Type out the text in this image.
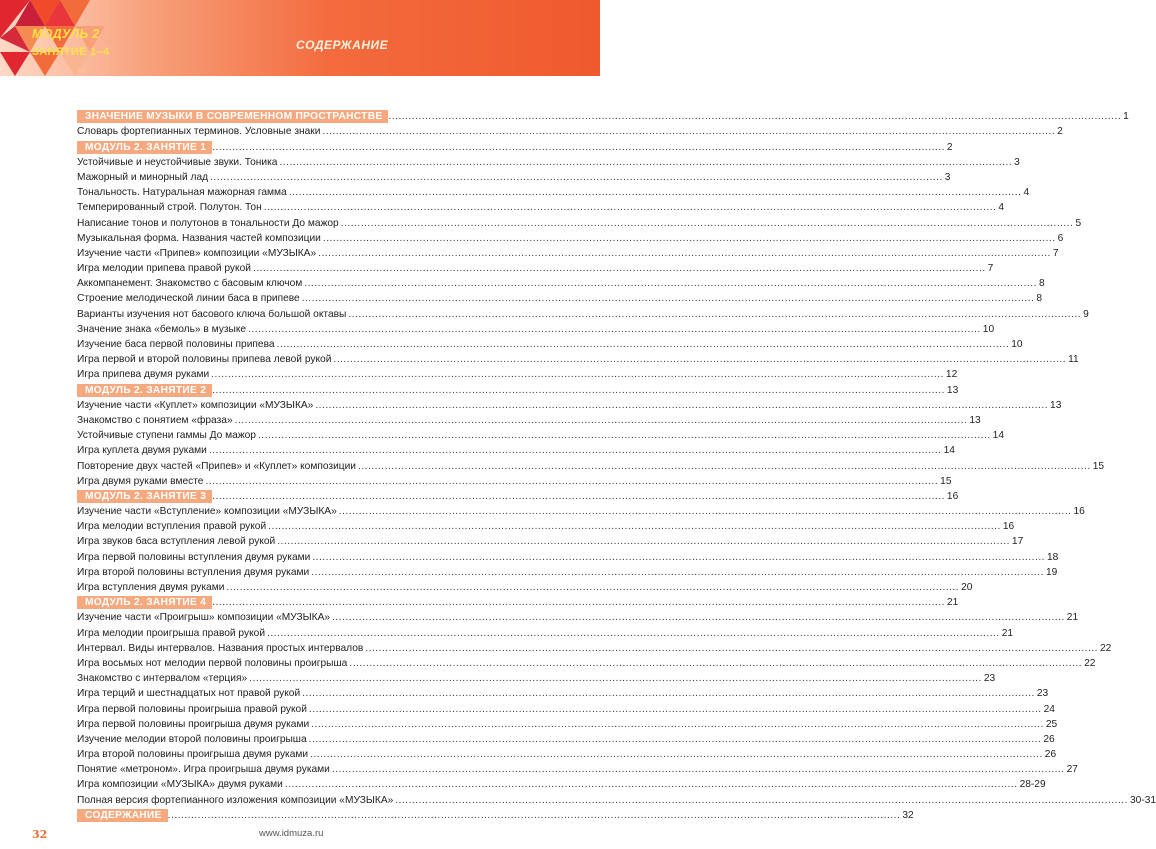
МОДУЛЬ 2
ЗАНЯТИЕ 1–4	СОДЕРЖАНИЕ
ЗНАЧЕНИЕ МУЗЫКИ В СОВРЕМЕННОМ ПРОСТРАНСТВЕ ............................................................................................................................................................................................................................ 1
Словарь фортепианных терминов. Условные знаки ............................................................................................................................................................................................................................ 2
МОДУЛЬ 2. ЗАНЯТИЕ 1 ............................................................................................................................................................................................................................ 2
Устойчивые и неустойчивые звуки. Тоника ............................................................................................................................................................................................................................ 3
Мажорный и минорный лад ............................................................................................................................................................................................................................ 3
Тональность. Натуральная мажорная гамма ............................................................................................................................................................................................................................ 4
Темперированный строй. Полутон. Тон ............................................................................................................................................................................................................................ 4
Написание тонов и полутонов в тональности До мажор ............................................................................................................................................................................................................................ 5
Музыкальная форма. Названия частей композиции ............................................................................................................................................................................................................................ 6
Изучение части «Припев» композиции «МУЗЫКА» ............................................................................................................................................................................................................................ 7
Игра мелодии припева правой рукой ............................................................................................................................................................................................................................ 7
Аккомпанемент. Знакомство с басовым ключом ............................................................................................................................................................................................................................ 8
Строение мелодической линии баса в припеве ............................................................................................................................................................................................................................ 8
Варианты изучения нот басового ключа большой октавы ............................................................................................................................................................................................................................ 9
Значение знака «бемоль» в музыке ............................................................................................................................................................................................................................ 10
Изучение баса первой половины припева ............................................................................................................................................................................................................................ 10
Игра первой и второй половины припева левой рукой ............................................................................................................................................................................................................................ 11
Игра припева двумя руками ............................................................................................................................................................................................................................ 12
МОДУЛЬ 2. ЗАНЯТИЕ 2 ............................................................................................................................................................................................................................ 13
Изучение части «Куплет» композиции «МУЗЫКА» ............................................................................................................................................................................................................................ 13
Знакомство с понятием «фраза» ............................................................................................................................................................................................................................ 13
Устойчивые ступени гаммы До мажор ............................................................................................................................................................................................................................ 14
Игра куплета двумя руками ............................................................................................................................................................................................................................ 14
Повторение двух частей «Припев» и «Куплет» композиции ............................................................................................................................................................................................................................ 15
Игра двумя руками вместе ............................................................................................................................................................................................................................ 15
МОДУЛЬ 2. ЗАНЯТИЕ 3 ............................................................................................................................................................................................................................ 16
Изучение части «Вступление» композиции «МУЗЫКА» ............................................................................................................................................................................................................................ 16
Игра мелодии вступления правой рукой ............................................................................................................................................................................................................................ 16
Игра звуков баса вступления левой рукой ............................................................................................................................................................................................................................ 17
Игра первой половины вступления двумя руками ............................................................................................................................................................................................................................ 18
Игра второй половины вступления двумя руками ............................................................................................................................................................................................................................ 19
Игра вступления двумя руками ............................................................................................................................................................................................................................ 20
МОДУЛЬ 2. ЗАНЯТИЕ 4 ............................................................................................................................................................................................................................ 21
Изучение части «Проигрыш» композиции «МУЗЫКА» ............................................................................................................................................................................................................................ 21
Игра мелодии проигрыша правой рукой ............................................................................................................................................................................................................................ 21
Интервал. Виды интервалов. Названия простых интервалов ............................................................................................................................................................................................................................ 22
Игра восьмых нот мелодии первой половины проигрыша ............................................................................................................................................................................................................................ 22
Знакомство с интервалом «терция» ............................................................................................................................................................................................................................ 23
Игра терций и шестнадцатых нот правой рукой ............................................................................................................................................................................................................................ 23
Игра первой половины проигрыша правой рукой ............................................................................................................................................................................................................................ 24
Игра первой половины проигрыша двумя руками ............................................................................................................................................................................................................................ 25
Изучение мелодии второй половины проигрыша ............................................................................................................................................................................................................................ 26
Игра второй половины проигрыша двумя руками ............................................................................................................................................................................................................................ 26
Понятие «метроном». Игра проигрыша двумя руками ............................................................................................................................................................................................................................ 27
Игра композиции «МУЗЫКА» двумя руками ............................................................................................................................................................................................................................ 28-29
Полная версия фортепианного изложения композиции «МУЗЫКА» ............................................................................................................................................................................................................................ 30-31
СОДЕРЖАНИЕ ............................................................................................................................................................................................................................ 32
32	www.idmuza.ru
